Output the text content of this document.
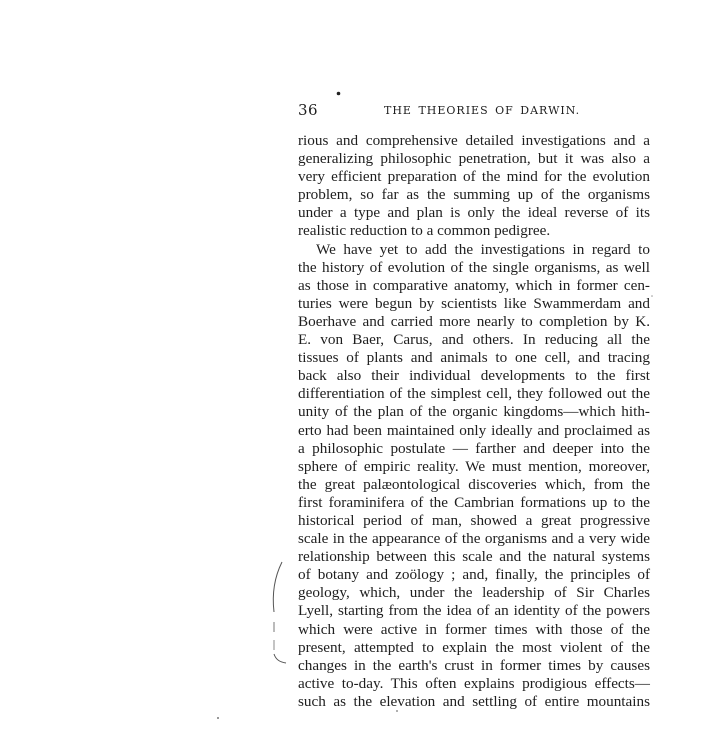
36	THE THEORIES OF DARWIN.
rious and comprehensive detailed investigations and a
generalizing philosophic penetration, but it was also a
very efficient preparation of the mind for the evolution
problem, so far as the summing up of the organisms
under a type and plan is only the ideal reverse of its
realistic reduction to a common pedigree.
We have yet to add the investigations in regard to
the history of evolution of the single organisms, as well
as those in comparative anatomy, which in former cen-
turies were begun by scientists like Swammerdam and
Boerhave and carried more nearly to completion by K.
E. von Baer, Carus, and others. In reducing all the
tissues of plants and animals to one cell, and tracing
back also their individual developments to the first
differentiation of the simplest cell, they followed out the
unity of the plan of the organic kingdoms—which hith-
erto had been maintained only ideally and proclaimed as
a philosophic postulate — farther and deeper into the
sphere of empiric reality. We must mention, moreover,
the great palæontological discoveries which, from the
first foraminifera of the Cambrian formations up to the
historical period of man, showed a great progressive
scale in the appearance of the organisms and a very wide
relationship between this scale and the natural systems
of botany and zoölogy ; and, finally, the principles of
geology, which, under the leadership of Sir Charles
Lyell, starting from the idea of an identity of the powers
which were active in former times with those of the
present, attempted to explain the most violent of the
changes in the earth's crust in former times by causes
active to-day. This often explains prodigious effects—
such as the elevation and settling of entire mountains
